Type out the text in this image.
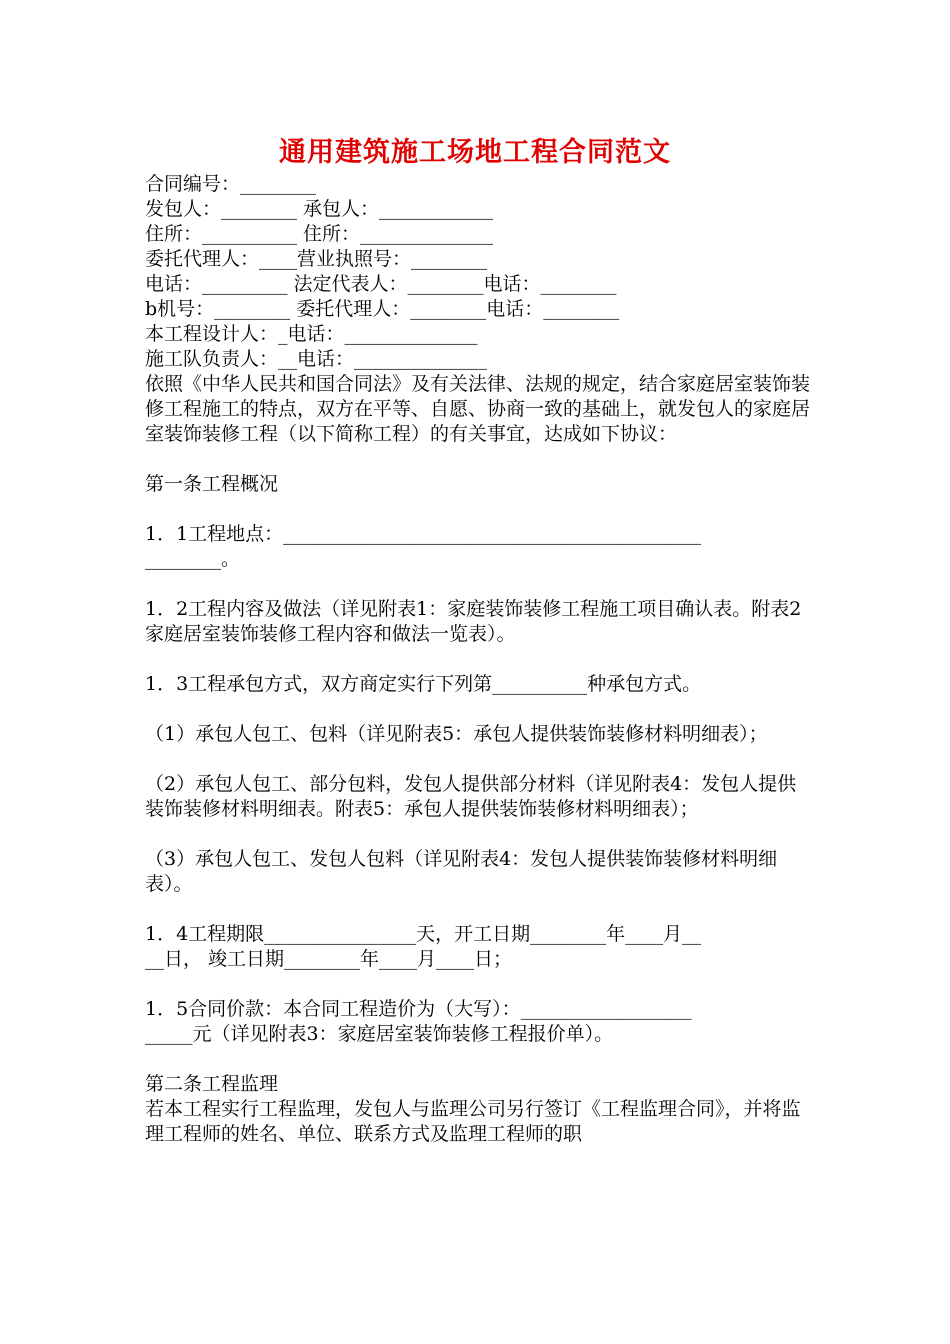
通用建筑施工场地工程合同范文

合同编号：________

发包人：________ 承包人：____________

住所：__________ 住所：______________

委托代理人：____营业执照号：________

电话：_________ 法定代表人：________电话：________

b机号：________ 委托代理人：________电话：________

本工程设计人：_电话：______________

施工队负责人：__电话：______________

依照《中华人民共和国合同法》及有关法律、法规的规定，结合家庭居室装饰装修工程施工的特点，双方在平等、自愿、协商一致的基础上，就发包人的家庭居室装饰装修工程（以下简称工程）的有关事宜，达成如下协议：

第一条工程概况

1．1工程地点：____________________________________________

________。

1．2工程内容及做法（详见附表1：家庭装饰装修工程施工项目确认表。附表2家庭居室装饰装修工程内容和做法一览表）。

1．3工程承包方式，双方商定实行下列第__________种承包方式。

（1）承包人包工、包料（详见附表5：承包人提供装饰装修材料明细表）；

（2）承包人包工、部分包料，发包人提供部分材料（详见附表4：发包人提供装饰装修材料明细表。附表5：承包人提供装饰装修材料明细表）；

（3）承包人包工、发包人包料（详见附表4：发包人提供装饰装修材料明细表）。

1．4工程期限________________天，开工日期________年____月__

__日， 竣工日期________年____月____日；

1．5合同价款：本合同工程造价为（大写）：__________________

_____元（详见附表3：家庭居室装饰装修工程报价单）。

第二条工程监理

若本工程实行工程监理，发包人与监理公司另行签订《工程监理合同》，并将监理工程师的姓名、单位、联系方式及监理工程师的职
